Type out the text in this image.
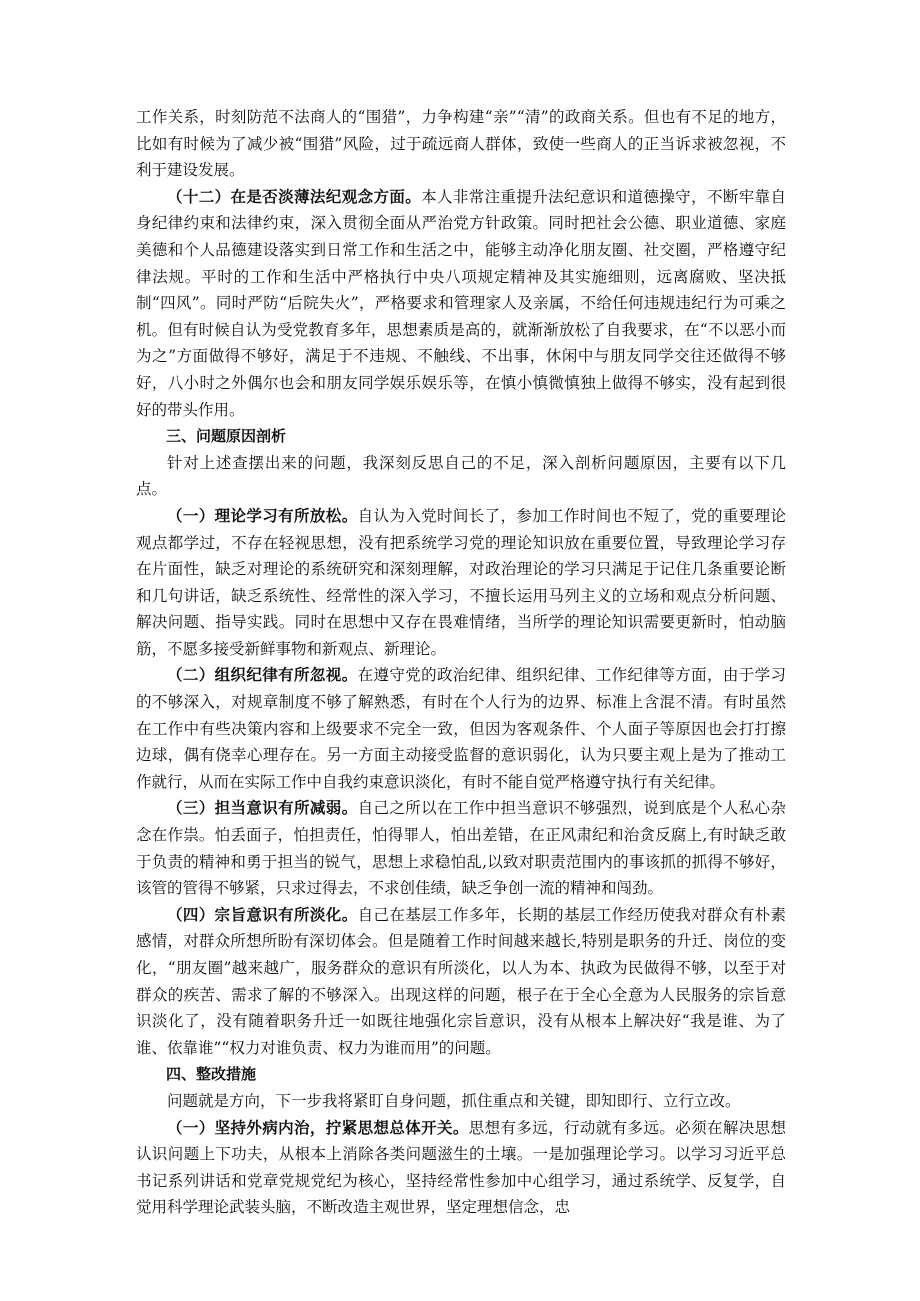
工作关系，时刻防范不法商人的“围猎”，力争构建“亲”“清”的政商关系。但也有不足的地方，比如有时候为了减少被“围猎”风险，过于疏远商人群体，致使一些商人的正当诉求被忽视，不利于建设发展。

（十二）在是否淡薄法纪观念方面。本人非常注重提升法纪意识和道德操守，不断牢靠自身纪律约束和法律约束，深入贯彻全面从严治党方针政策。同时把社会公德、职业道德、家庭美德和个人品德建设落实到日常工作和生活之中，能够主动净化朋友圈、社交圈，严格遵守纪律法规。平时的工作和生活中严格执行中央八项规定精神及其实施细则，远离腐败、坚决抵制“四风”。同时严防“后院失火”，严格要求和管理家人及亲属，不给任何违规违纪行为可乘之机。但有时候自认为受党教育多年，思想素质是高的，就渐渐放松了自我要求，在“不以恶小而为之”方面做得不够好，满足于不违规、不触线、不出事，休闲中与朋友同学交往还做得不够好，八小时之外偶尔也会和朋友同学娱乐娱乐等，在慎小慎微慎独上做得不够实，没有起到很好的带头作用。

三、问题原因剖析

针对上述查摆出来的问题，我深刻反思自己的不足，深入剖析问题原因，主要有以下几点。

（一）理论学习有所放松。自认为入党时间长了，参加工作时间也不短了，党的重要理论观点都学过，不存在轻视思想，没有把系统学习党的理论知识放在重要位置，导致理论学习存在片面性，缺乏对理论的系统研究和深刻理解，对政治理论的学习只满足于记住几条重要论断和几句讲话，缺乏系统性、经常性的深入学习，不擅长运用马列主义的立场和观点分析问题、解决问题、指导实践。同时在思想中又存在畏难情绪，当所学的理论知识需要更新时，怕动脑筋，不愿多接受新鲜事物和新观点、新理论。

（二）组织纪律有所忽视。在遵守党的政治纪律、组织纪律、工作纪律等方面，由于学习的不够深入，对规章制度不够了解熟悉，有时在个人行为的边界、标准上含混不清。有时虽然在工作中有些决策内容和上级要求不完全一致，但因为客观条件、个人面子等原因也会打打擦边球，偶有侥幸心理存在。另一方面主动接受监督的意识弱化，认为只要主观上是为了推动工作就行，从而在实际工作中自我约束意识淡化，有时不能自觉严格遵守执行有关纪律。

（三）担当意识有所减弱。自己之所以在工作中担当意识不够强烈，说到底是个人私心杂念在作祟。怕丢面子，怕担责任，怕得罪人，怕出差错，在正风肃纪和治贪反腐上,有时缺乏敢于负责的精神和勇于担当的锐气，思想上求稳怕乱,以致对职责范围内的事该抓的抓得不够好，该管的管得不够紧，只求过得去，不求创佳绩，缺乏争创一流的精神和闯劲。

（四）宗旨意识有所淡化。自己在基层工作多年，长期的基层工作经历使我对群众有朴素感情，对群众所想所盼有深切体会。但是随着工作时间越来越长,特别是职务的升迁、岗位的变化，“朋友圈”越来越广，服务群众的意识有所淡化，以人为本、执政为民做得不够，以至于对群众的疾苦、需求了解的不够深入。出现这样的问题，根子在于全心全意为人民服务的宗旨意识淡化了，没有随着职务升迁一如既往地强化宗旨意识，没有从根本上解决好“我是谁、为了谁、依靠谁”“权力对谁负责、权力为谁而用”的问题。

四、整改措施

问题就是方向，下一步我将紧盯自身问题，抓住重点和关键，即知即行、立行立改。

（一）坚持外病内治，拧紧思想总体开关。思想有多远，行动就有多远。必须在解决思想认识问题上下功夫，从根本上消除各类问题滋生的土壤。一是加强理论学习。以学习习近平总书记系列讲话和党章党规党纪为核心，坚持经常性参加中心组学习，通过系统学、反复学，自觉用科学理论武装头脑，不断改造主观世界，坚定理想信念，忠
